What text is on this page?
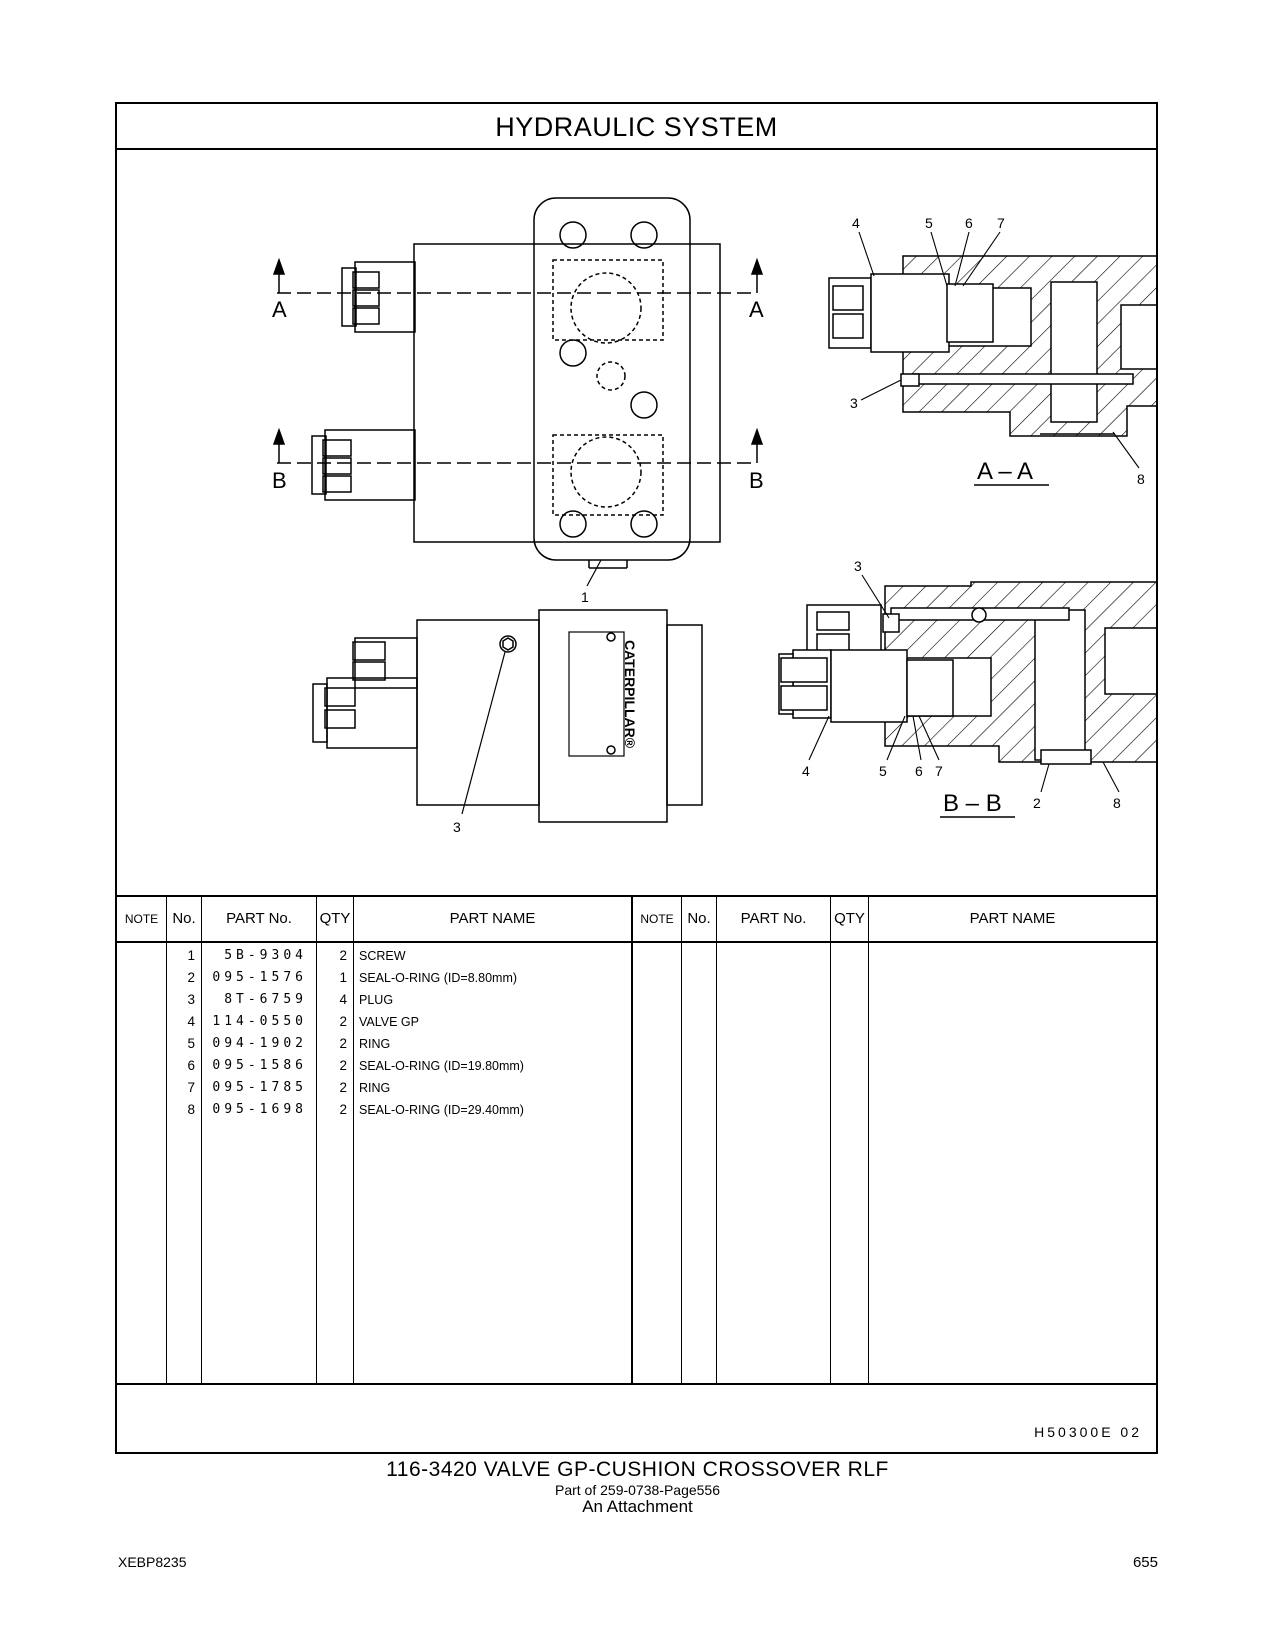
HYDRAULIC SYSTEM
A	A
B	B
1
CATERPILLAR®
3
4	5 6 7
3
8
A – A
3
4	5 6 7
2	8
B – B
NOTE No.	PART No.	QTY	PART NAME	NOTE No.	PART No.	QTY	PART NAME
1	5B-9304	2 SCREW
2	095-1576	1 SEAL-O-RING (ID=8.80mm)
3	8T-6759	4 PLUG
4	114-0550	2 VALVE GP
5	094-1902	2 RING
6	095-1586	2 SEAL-O-RING (ID=19.80mm)
7	095-1785	2 RING
8	095-1698	2 SEAL-O-RING (ID=29.40mm)
H50300E 02
116-3420 VALVE GP-CUSHION CROSSOVER RLF
Part of 259-0738-Page556
An Attachment
XEBP8235	655
